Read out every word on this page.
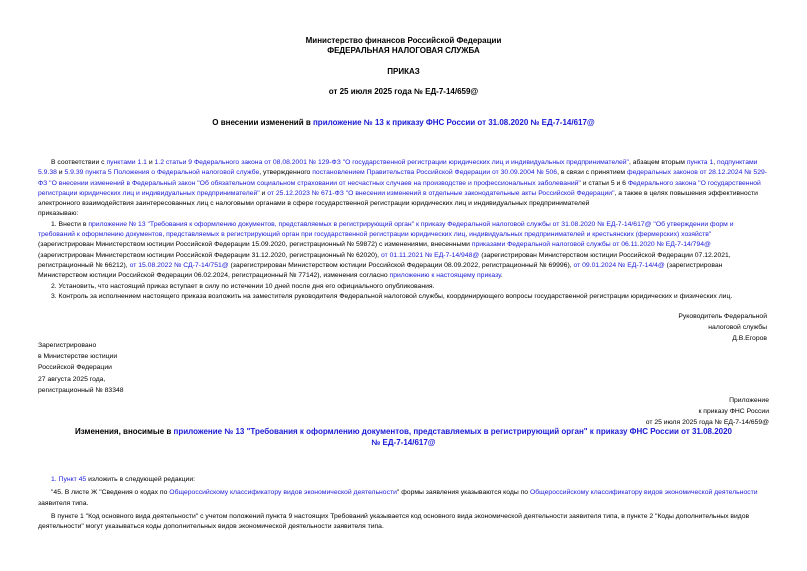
Министерство финансов Российской Федерации
ФЕДЕРАЛЬНАЯ НАЛОГОВАЯ СЛУЖБА
ПРИКАЗ
от 25 июля 2025 года № ЕД-7-14/659@
О внесении изменений в приложение № 13 к приказу ФНС России от 31.08.2020 № ЕД-7-14/617@

В соответствии с пунктами 1.1 и 1.2 статьи 9 Федерального закона от 08.08.2001 № 129-ФЗ "О государственной регистрации юридических лиц и индивидуальных предпринимателей", абзацем вторым пункта 1, подпунктами 5.9.38 и 5.9.39 пункта 5 Положения о Федеральной налоговой службе, утвержденного постановлением Правительства Российской Федерации от 30.09.2004 № 506, в связи с принятием федеральных законов от 28.12.2024 № 529-ФЗ "О внесении изменений в Федеральный закон "Об обязательном социальном страховании от несчастных случаев на производстве и профессиональных заболеваний" и статьи 5 и 6 Федерального закона "О государственной регистрации юридических лиц и индивидуальных предпринимателей" и от 25.12.2023 № 671-ФЗ "О внесении изменений в отдельные законодательные акты Российской Федерации", а также в целях повышения эффективности электронного взаимодействия заинтересованных лиц с налоговыми органами в сфере государственной регистрации юридических лиц и индивидуальных предпринимателей

приказываю:

1. Внести в приложение № 13 "Требования к оформлению документов, представляемых в регистрирующий орган" к приказу Федеральной налоговой службы от 31.08.2020 № ЕД-7-14/617@ "Об утверждении форм и требований к оформлению документов, представляемых в регистрирующий орган при государственной регистрации юридических лиц, индивидуальных предпринимателей и крестьянских (фермерских) хозяйств" (зарегистрирован Министерством юстиции Российской Федерации 15.09.2020, регистрационный № 59872) с изменениями, внесенными приказами Федеральной налоговой службы от 06.11.2020 № ЕД-7-14/794@ (зарегистрирован Министерством юстиции Российской Федерации 31.12.2020, регистрационный № 62020), от 01.11.2021 № ЕД-7-14/948@ (зарегистрирован Министерством юстиции Российской Федерации 07.12.2021, регистрационный № 66212), от 15.08.2022 № СД-7-14/751@ (зарегистрирован Министерством юстиции Российской Федерации 08.09.2022, регистрационный № 69996), от 09.01.2024 № ЕД-7-14/4@ (зарегистрирован Министерством юстиции Российской Федерации 06.02.2024, регистрационный № 77142), изменения согласно приложению к настоящему приказу.

2. Установить, что настоящий приказ вступает в силу по истечении 10 дней после дня его официального опубликования.

3. Контроль за исполнением настоящего приказа возложить на заместителя руководителя Федеральной налоговой службы, координирующего вопросы государственной регистрации юридических и физических лиц.

Руководитель Федеральной
налоговой службы
Д.В.Егоров
Зарегистрировано
в Министерстве юстиции
Российской Федерации
27 августа 2025 года,
регистрационный № 83348
Приложение
к приказу ФНС России
от 25 июля 2025 года № ЕД-7-14/659@
Изменения, вносимые в приложение № 13 "Требования к оформлению документов, представляемых в регистрирующий орган" к приказу ФНС России от 31.08.2020
№ ЕД-7-14/617@

1. Пункт 45 изложить в следующей редакции:

"45. В листе Ж "Сведения о кодах по Общероссийскому классификатору видов экономической деятельности" формы заявления указываются коды по Общероссийскому классификатору видов экономической деятельности заявителя типа.

В пункте 1 "Код основного вида деятельности" с учетом положений пункта 9 настоящих Требований указывается код основного вида экономической деятельности заявителя типа, в пункте 2 "Коды дополнительных видов деятельности" могут указываться коды дополнительных видов экономической деятельности заявителя типа.
